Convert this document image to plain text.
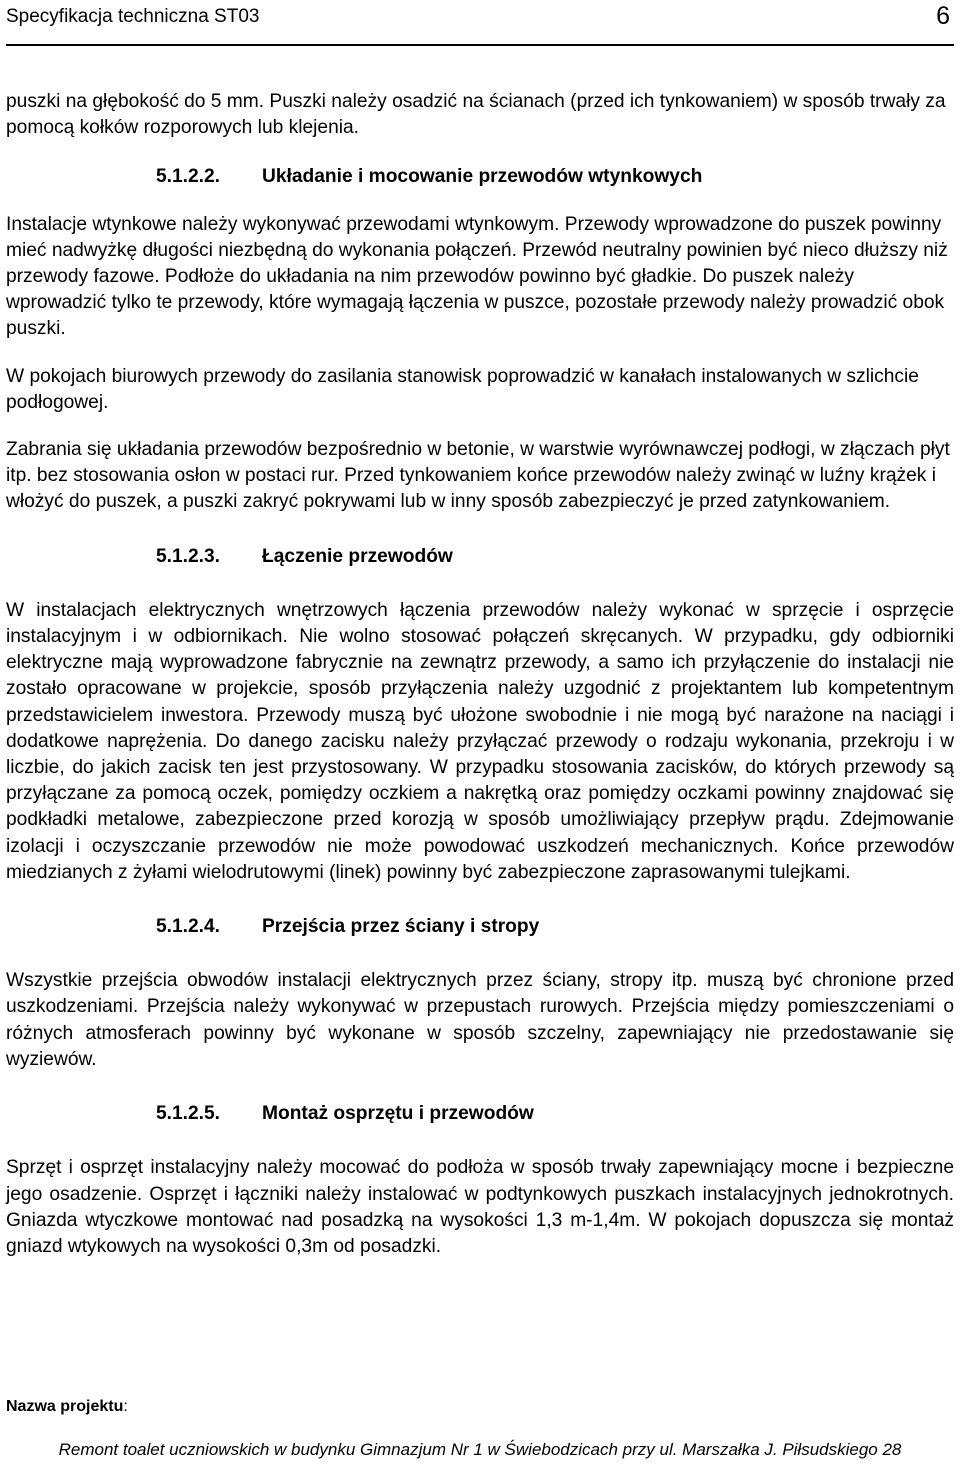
Specyfikacja techniczna ST03	6

puszki na głębokość do 5 mm. Puszki należy osadzić na ścianach (przed ich tynkowaniem) w sposób trwały za pomocą kołków rozporowych lub klejenia.

5.1.2.2.	Układanie i mocowanie przewodów wtynkowych

Instalacje wtynkowe należy wykonywać przewodami wtynkowym. Przewody wprowadzone do puszek powinny mieć nadwyżkę długości niezbędną do wykonania połączeń. Przewód neutralny powinien być nieco dłuższy niż przewody fazowe. Podłoże do układania na nim przewodów powinno być gładkie. Do puszek należy wprowadzić tylko te przewody, które wymagają łączenia w puszce, pozostałe przewody należy prowadzić obok puszki.

W pokojach biurowych przewody do zasilania stanowisk poprowadzić w kanałach instalowanych w szlichcie podłogowej.

Zabrania się układania przewodów bezpośrednio w betonie, w warstwie wyrównawczej podłogi, w złączach płyt itp. bez stosowania osłon w postaci rur. Przed tynkowaniem końce przewodów należy zwinąć w luźny krążek i włożyć do puszek, a puszki zakryć pokrywami lub w inny sposób zabezpieczyć je przed zatynkowaniem.

5.1.2.3.	Łączenie przewodów

W instalacjach elektrycznych wnętrzowych łączenia przewodów należy wykonać w sprzęcie i osprzęcie instalacyjnym i w odbiornikach. Nie wolno stosować połączeń skręcanych. W przypadku, gdy odbiorniki elektryczne mają wyprowadzone fabrycznie na zewnątrz przewody, a samo ich przyłączenie do instalacji nie zostało opracowane w projekcie, sposób przyłączenia należy uzgodnić z projektantem lub kompetentnym przedstawicielem inwestora. Przewody muszą być ułożone swobodnie i nie mogą być narażone na naciągi i dodatkowe naprężenia. Do danego zacisku należy przyłączać przewody o rodzaju wykonania, przekroju i w liczbie, do jakich zacisk ten jest przystosowany. W przypadku stosowania zacisków, do których przewody są przyłączane za pomocą oczek, pomiędzy oczkiem a nakrętką oraz pomiędzy oczkami powinny znajdować się podkładki metalowe, zabezpieczone przed korozją w sposób umożliwiający przepływ prądu. Zdejmowanie izolacji i oczyszczanie przewodów nie może powodować uszkodzeń mechanicznych. Końce przewodów miedzianych z żyłami wielodrutowymi (linek) powinny być zabezpieczone zaprasowanymi tulejkami.

5.1.2.4.	Przejścia przez ściany i stropy

Wszystkie przejścia obwodów instalacji elektrycznych przez ściany, stropy itp. muszą być chronione przed uszkodzeniami. Przejścia należy wykonywać w przepustach rurowych. Przejścia między pomieszczeniami o różnych atmosferach powinny być wykonane w sposób szczelny, zapewniający nie przedostawanie się wyziewów.

5.1.2.5.	Montaż osprzętu i przewodów

Sprzęt i osprzęt instalacyjny należy mocować do podłoża w sposób trwały zapewniający mocne i bezpieczne jego osadzenie. Osprzęt i łączniki należy instalować w podtynkowych puszkach instalacyjnych jednokrotnych. Gniazda wtyczkowe montować nad posadzką na wysokości 1,3 m-1,4m. W pokojach dopuszcza się montaż gniazd wtykowych na wysokości 0,3m od posadzki.

Nazwa projektu:
Remont toalet uczniowskich w budynku Gimnazjum Nr 1 w Świebodzicach przy ul. Marszałka J. Piłsudskiego 28
